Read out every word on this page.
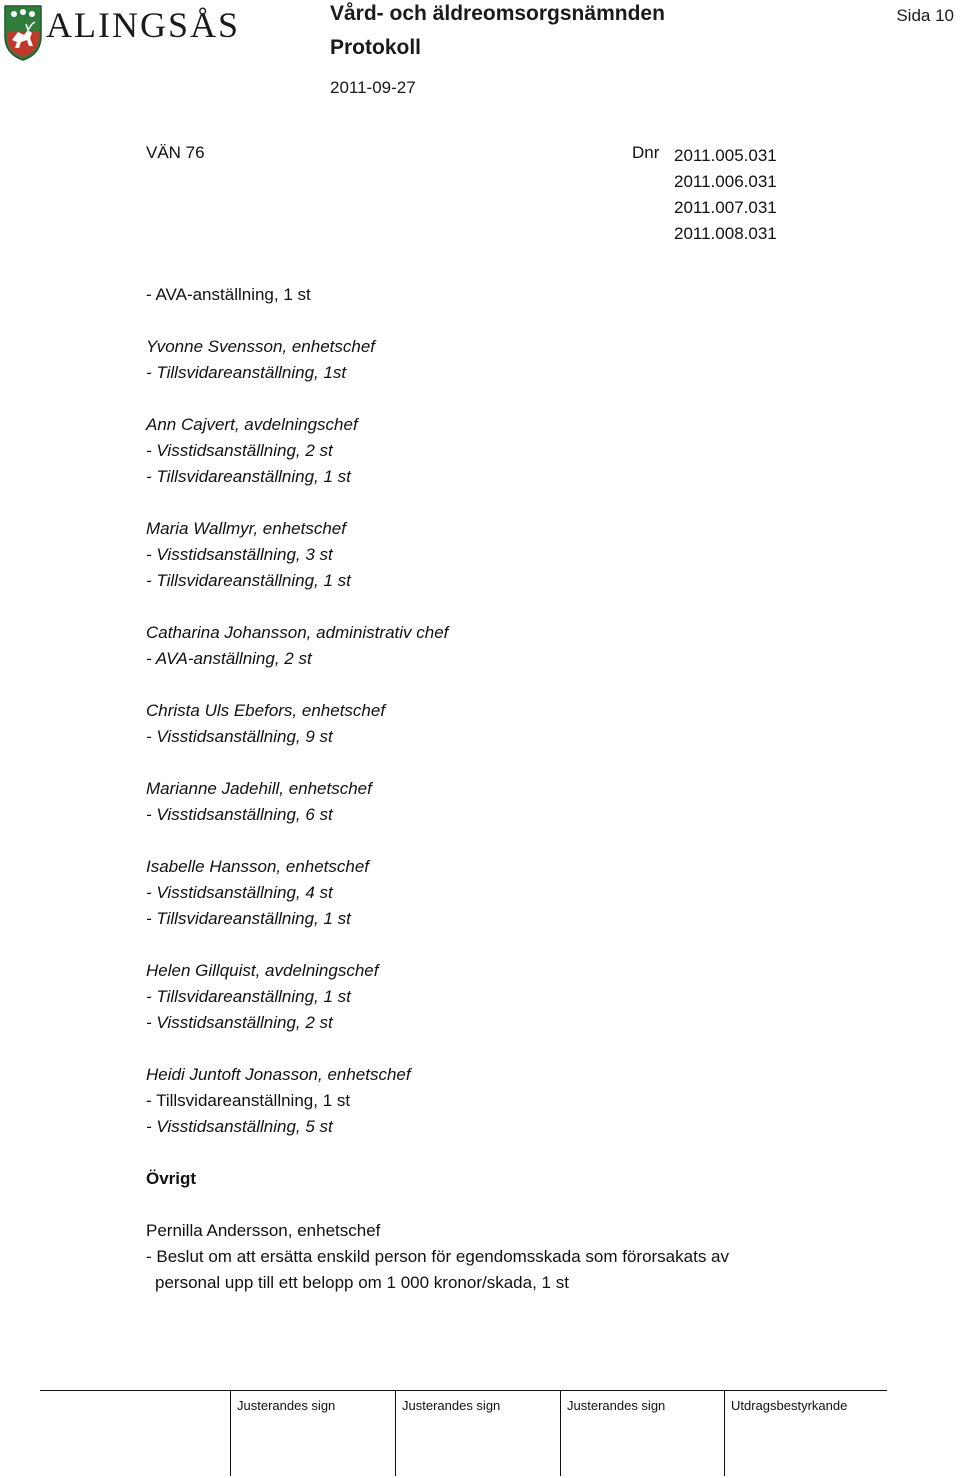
ALINGSÅS	Vård- och äldreomsorgsnämnden
Protokoll
2011-09-27
Sida 10
VÄN 76	Dnr 2011.005.031
2011.006.031
2011.007.031
2011.008.031
- AVA-anställning, 1 st
Yvonne Svensson, enhetschef
- Tillsvidareanställning, 1st
Ann Cajvert, avdelningschef
- Visstidsanställning, 2 st
- Tillsvidareanställning, 1 st
Maria Wallmyr, enhetschef
- Visstidsanställning, 3 st
- Tillsvidareanställning, 1 st
Catharina Johansson, administrativ chef
- AVA-anställning, 2 st
Christa Uls Ebefors, enhetschef
- Visstidsanställning, 9 st
Marianne Jadehill, enhetschef
- Visstidsanställning, 6 st
Isabelle Hansson, enhetschef
- Visstidsanställning, 4 st
- Tillsvidareanställning, 1 st
Helen Gillquist, avdelningschef
- Tillsvidareanställning, 1 st
- Visstidsanställning, 2 st
Heidi Juntoft Jonasson, enhetschef
- Tillsvidareanställning, 1 st
- Visstidsanställning, 5 st
Övrigt
Pernilla Andersson, enhetschef
- Beslut om att ersätta enskild person för egendomsskada som förorsakats av
personal upp till ett belopp om 1 000 kronor/skada, 1 st
Justerandes sign	Justerandes sign	Justerandes sign	Utdragsbestyrkande
